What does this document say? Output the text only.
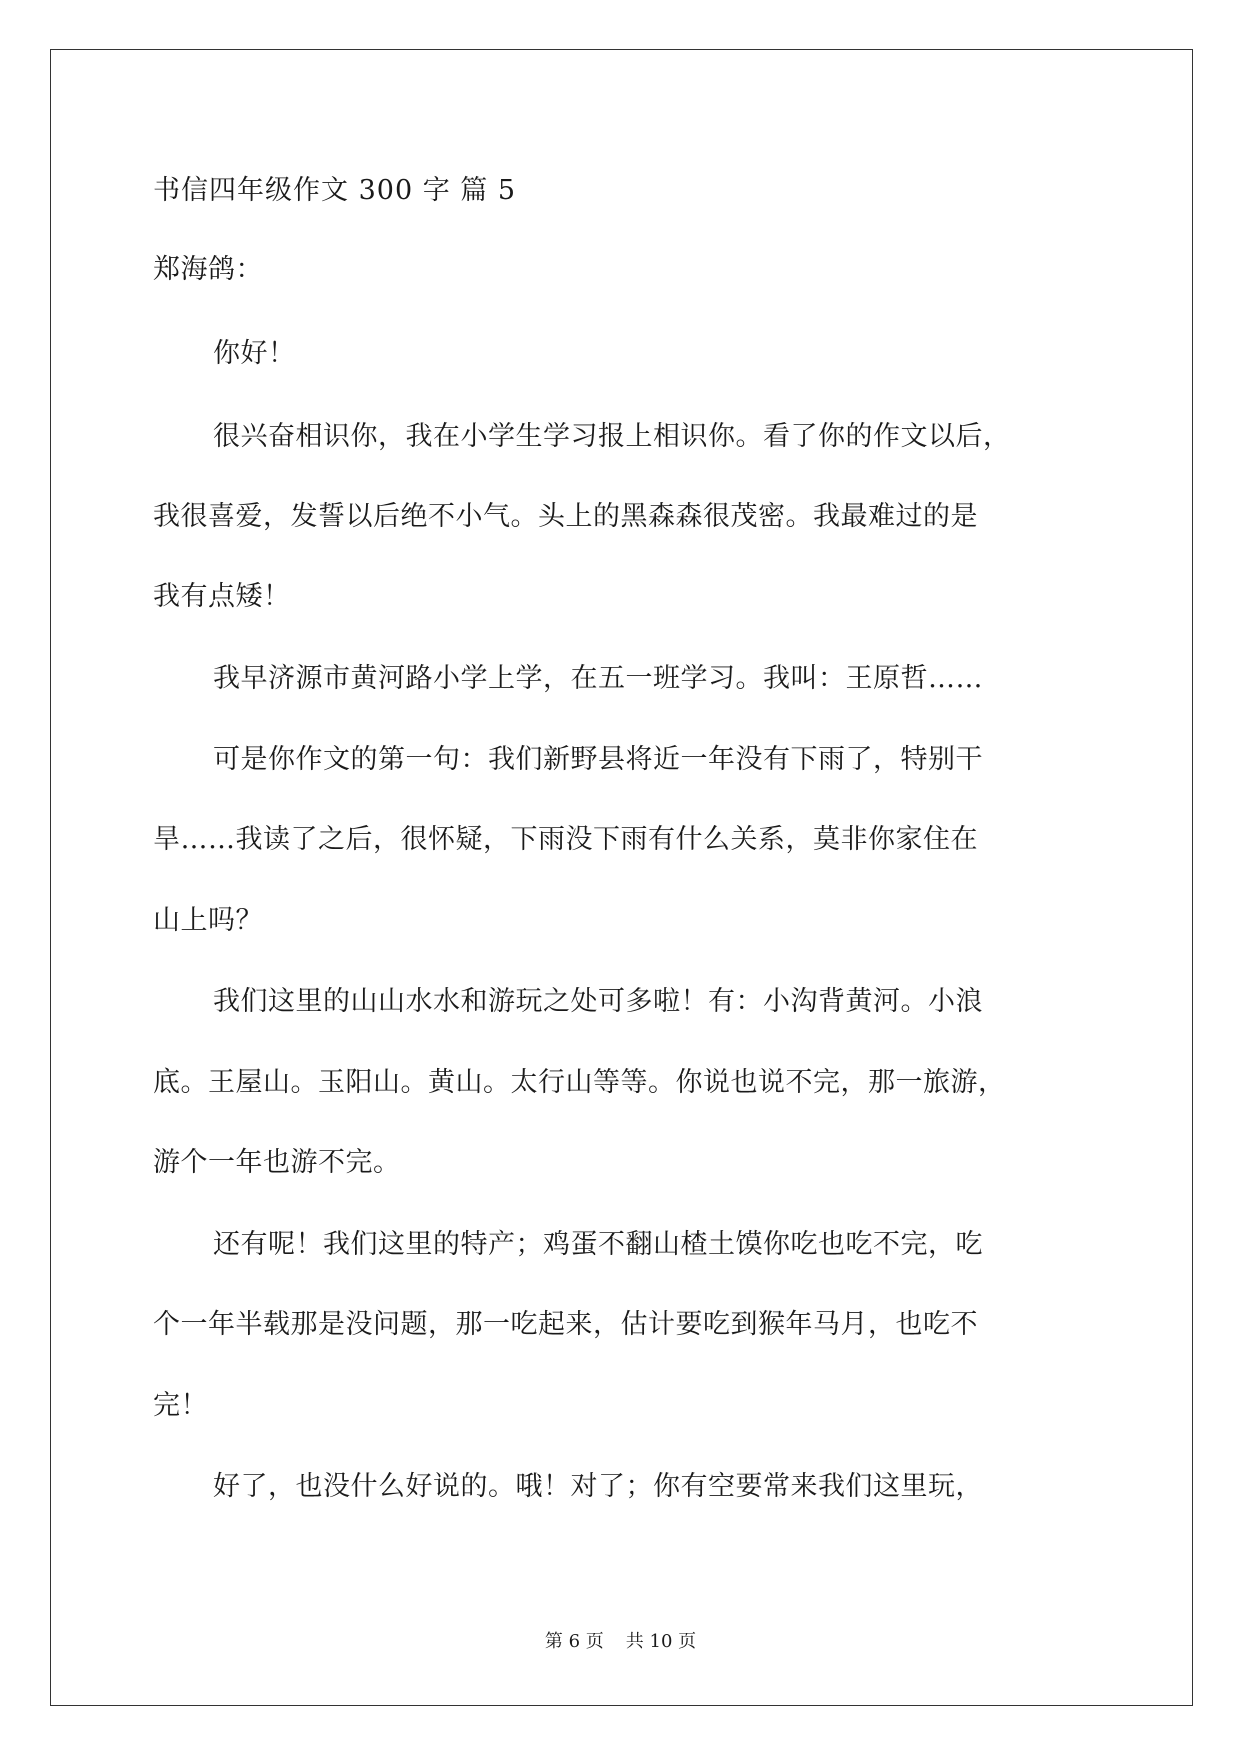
书信四年级作文 300 字 篇 5
郑海鸽：
你好！
很兴奋相识你，我在小学生学习报上相识你。看了你的作文以后，
我很喜爱，发誓以后绝不小气。头上的黑森森很茂密。我最难过的是
我有点矮！
我早济源市黄河路小学上学，在五一班学习。我叫：王原哲……
可是你作文的第一句：我们新野县将近一年没有下雨了，特别干
旱……我读了之后，很怀疑，下雨没下雨有什么关系，莫非你家住在
山上吗？
我们这里的山山水水和游玩之处可多啦！有：小沟背黄河。小浪
底。王屋山。玉阳山。黄山。太行山等等。你说也说不完，那一旅游，
游个一年也游不完。
还有呢！我们这里的特产；鸡蛋不翻山楂土馍你吃也吃不完，吃
个一年半载那是没问题，那一吃起来，估计要吃到猴年马月，也吃不
完！
好了，也没什么好说的。哦！对了；你有空要常来我们这里玩，
第 6 页 共 10 页
